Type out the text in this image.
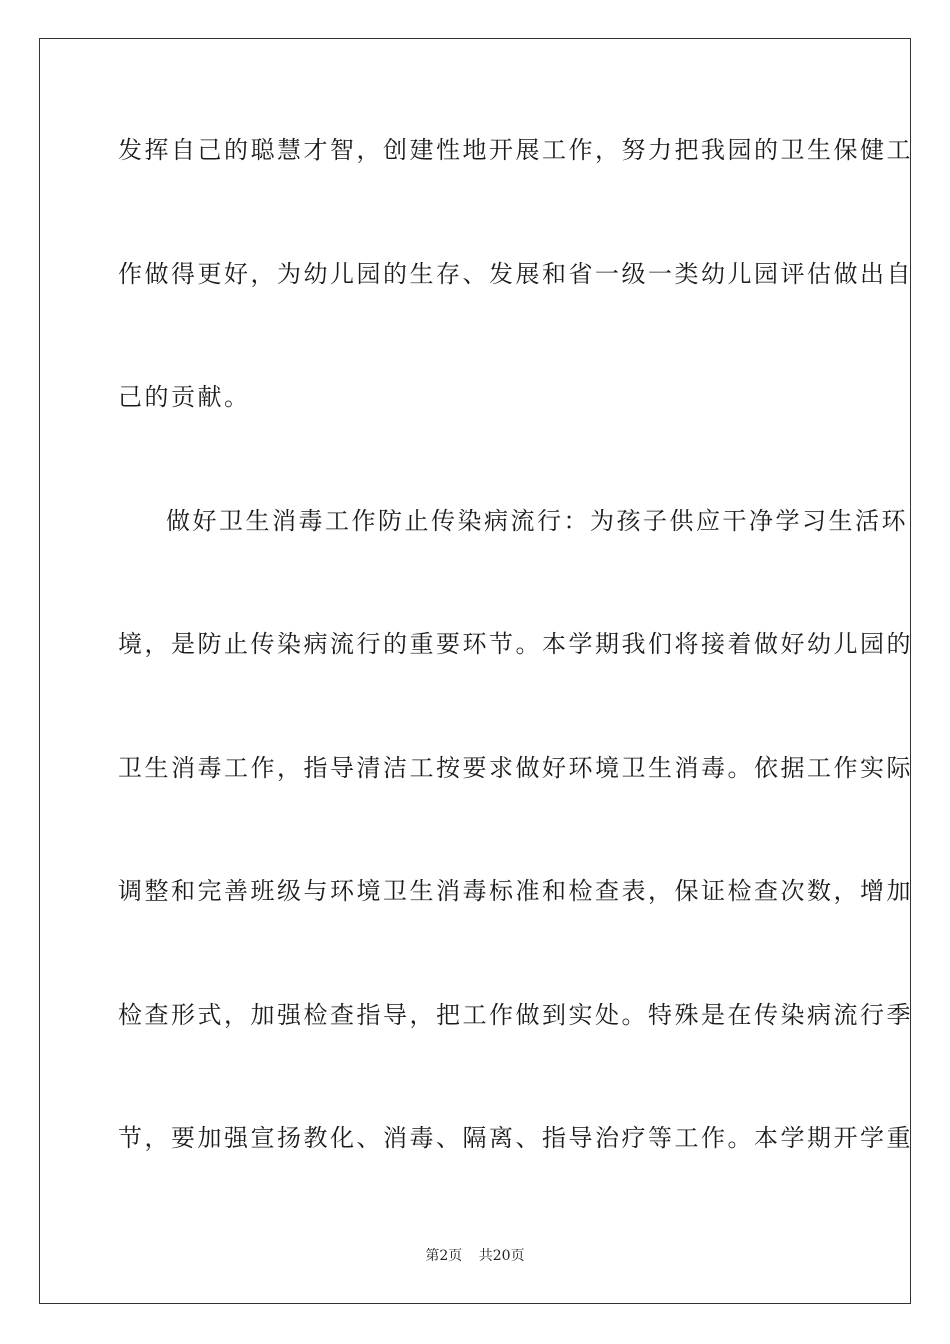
发挥自己的聪慧才智，创建性地开展工作，努力把我园的卫生保健工
作做得更好，为幼儿园的生存、发展和省一级一类幼儿园评估做出自
己的贡献。
做好卫生消毒工作防止传染病流行：为孩子供应干净学习生活环
境，是防止传染病流行的重要环节。本学期我们将接着做好幼儿园的
卫生消毒工作，指导清洁工按要求做好环境卫生消毒。依据工作实际
调整和完善班级与环境卫生消毒标准和检查表，保证检查次数，增加
检查形式，加强检查指导，把工作做到实处。特殊是在传染病流行季
节，要加强宣扬教化、消毒、隔离、指导治疗等工作。本学期开学重
第2页 共20页
